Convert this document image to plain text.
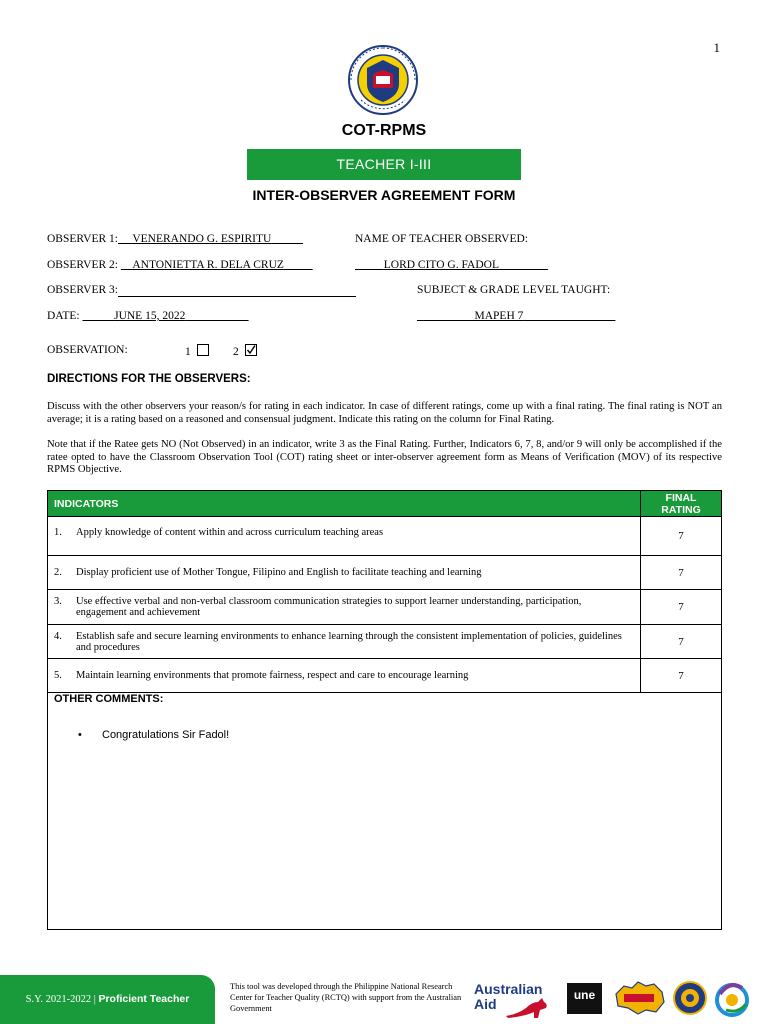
1
COT-RPMS
TEACHER I-III
INTER-OBSERVER AGREEMENT FORM
OBSERVER 1: VENERANDO G. ESPIRITU
OBSERVER 2: ANTONIETTA R. DELA CRUZ
OBSERVER 3:
DATE:	JUNE 15, 2022
NAME OF TEACHER OBSERVED:
LORD CITO G. FADOL
SUBJECT & GRADE LEVEL TAUGHT:
MAPEH 7
OBSERVATION:	1	2
DIRECTIONS FOR THE OBSERVERS:
Discuss with the other observers your reason/s for rating in each indicator. In case of different ratings, come up with a final rating. The final rating is NOT an average; it is a rating based on a reasoned and consensual judgment. Indicate this rating on the column for Final Rating.
Note that if the Ratee gets NO (Not Observed) in an indicator, write 3 as the Final Rating. Further, Indicators 6, 7, 8, and/or 9 will only be accomplished if the ratee opted to have the Classroom Observation Tool (COT) rating sheet or inter-observer agreement form as Means of Verification (MOV) of its respective RPMS Objective.
INDICATORS	FINAL
RATING

1. Apply knowledge of content within and across curriculum teaching areas	7

2. Display proficient use of Mother Tongue, Filipino and English to facilitate teaching and learning	7

3. Use effective verbal and non-verbal classroom communication strategies to support learner understanding, participation, engagement and achievement	7

4. Establish safe and secure learning environments to enhance learning through the consistent implementation of policies, guidelines and procedures	7

5. Maintain learning environments that promote fairness, respect and care to encourage learning	7
OTHER COMMENTS:
• Congratulations Sir Fadol!
S.Y. 2021-2022 | Proficient Teacher
This tool was developed through the Philippine National Research Center for Teacher Quality (RCTQ) with support from the Australian Government
Australian
Aid
une
